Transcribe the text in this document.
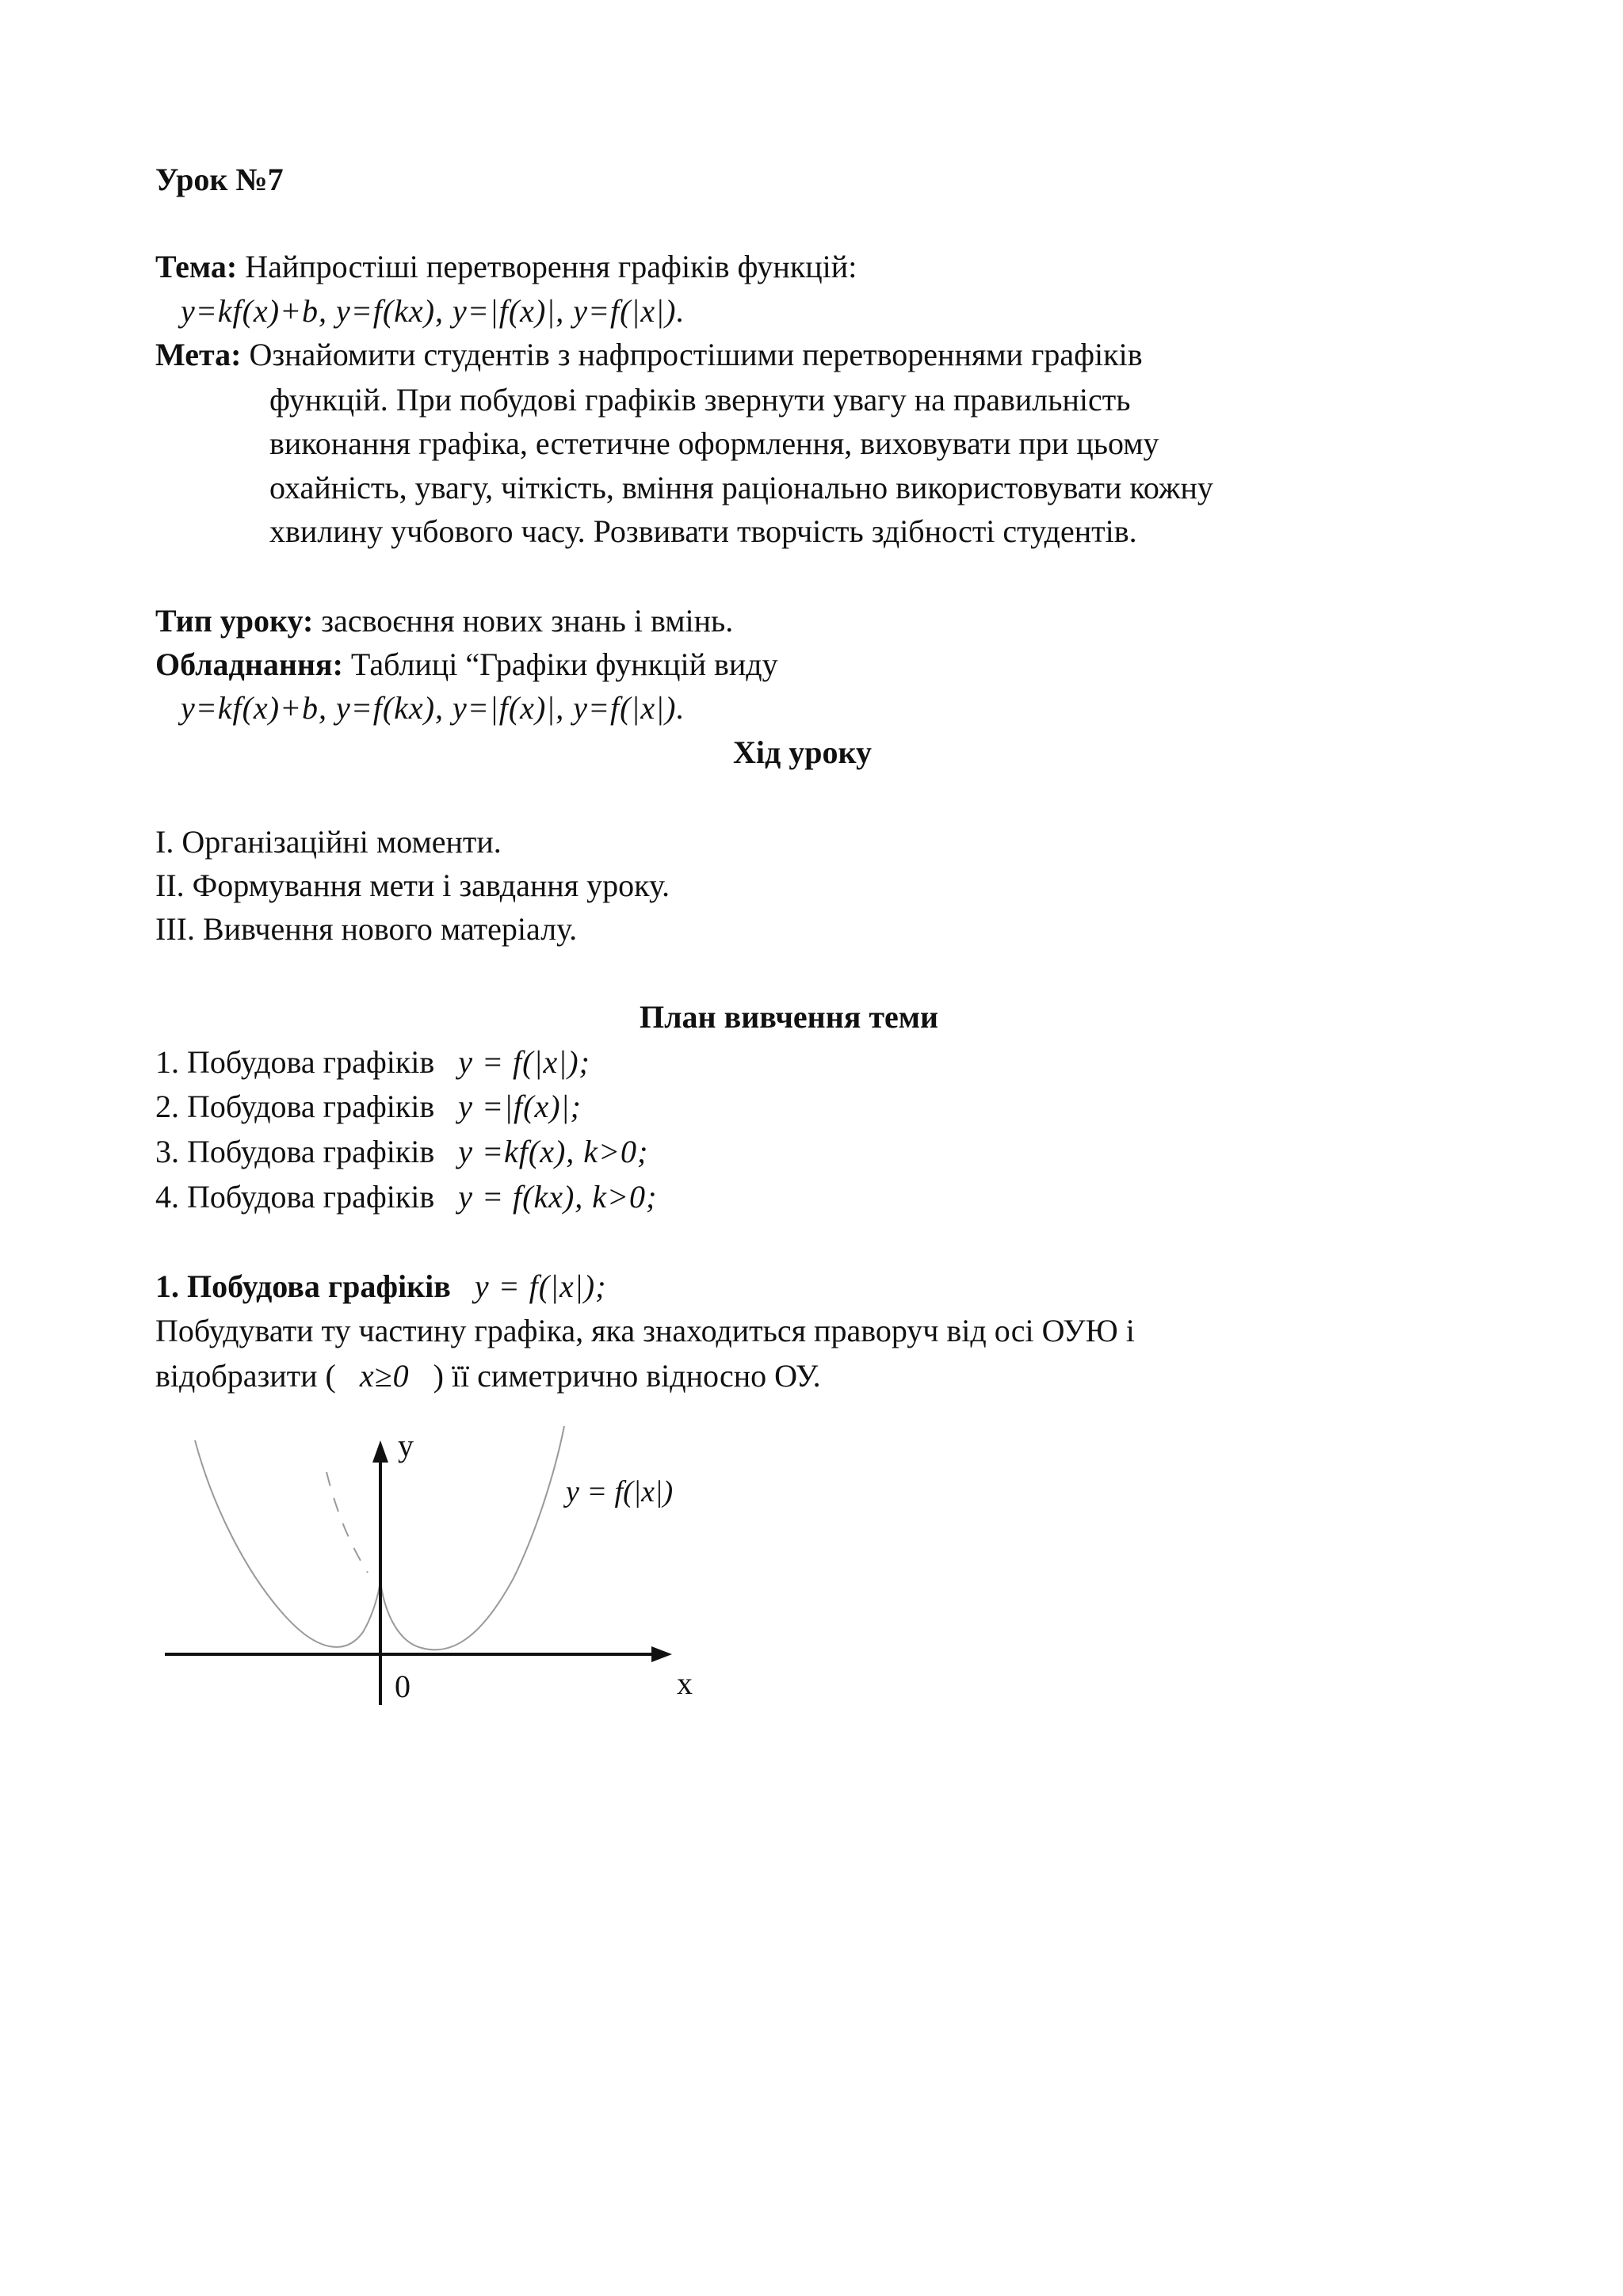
Урок №7
Тема: Найпростіші перетворення графіків функцій:
y=kf(x)+b, y=f(kx), y=|f(x)|, y=f(|x|).
Мета: Ознайомити студентів з нафпростішими перетвореннями графіків
функцій. При побудові графіків звернути увагу на правильність
виконання графіка, естетичне оформлення, виховувати при цьому
охайність, увагу, чіткість, вміння раціонально використовувати кожну
хвилину учбового часу. Розвивати творчість здібності студентів.
Тип уроку: засвоєння нових знань і вмінь.
Обладнання: Таблиці “Графіки функцій виду
y=kf(x)+b, y=f(kx), y=|f(x)|, y=f(|x|).
Хід уроку
I. Організаційні моменти.
II. Формування мети і завдання уроку.
III. Вивчення нового матеріалу.
План вивчення теми
1. Побудова графіків y = f(|x|);
2. Побудова графіків y =|f(x)|;
3. Побудова графіків y =kf(x), k>0;
4. Побудова графіків y = f(kx), k>0;
1. Побудова графіків y = f(|x|);
Побудувати ту частину графіка, яка знаходиться праворуч від осі ОУЮ і
відобразити ( x≥0 ) її симетрично відносно ОУ.
y
x
0
y = f(|x|)
